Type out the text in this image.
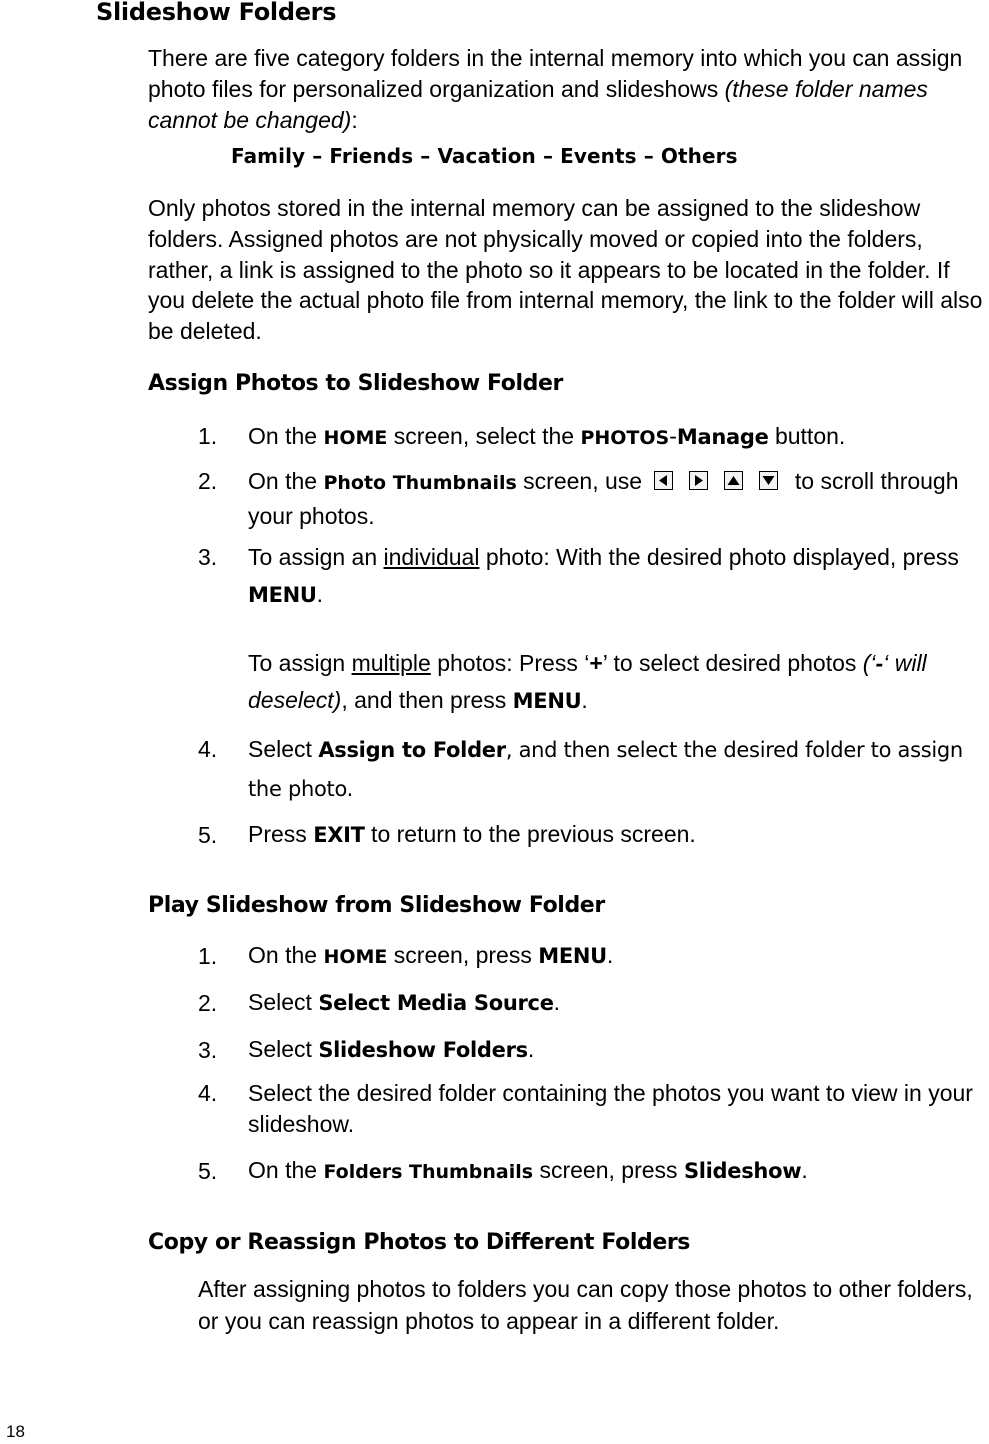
Slideshow Folders
There are five category folders in the internal memory into which you can assign photo files for personalized organization and slideshows (these folder names cannot be changed):
Family – Friends – Vacation – Events – Others
Only photos stored in the internal memory can be assigned to the slideshow folders. Assigned photos are not physically moved or copied into the folders, rather, a link is assigned to the photo so it appears to be located in the folder. If you delete the actual photo file from internal memory, the link to the folder will also be deleted.
Assign Photos to Slideshow Folder
1. On the HOME screen, select the PHOTOS-Manage button.
2. On the Photo Thumbnails screen, use	to scroll through your photos.
3. To assign an individual photo: With the desired photo displayed, press MENU.
To assign multiple photos: Press ‘+’ to select desired photos (‘-‘ will deselect), and then press MENU.
4. Select Assign to Folder, and then select the desired folder to assign the photo.
5. Press EXIT to return to the previous screen.
Play Slideshow from Slideshow Folder
1. On the HOME screen, press MENU.
2. Select Select Media Source.
3. Select Slideshow Folders.
4. Select the desired folder containing the photos you want to view in your slideshow.
5. On the Folders Thumbnails screen, press Slideshow.
Copy or Reassign Photos to Different Folders
After assigning photos to folders you can copy those photos to other folders, or you can reassign photos to appear in a different folder.
18
